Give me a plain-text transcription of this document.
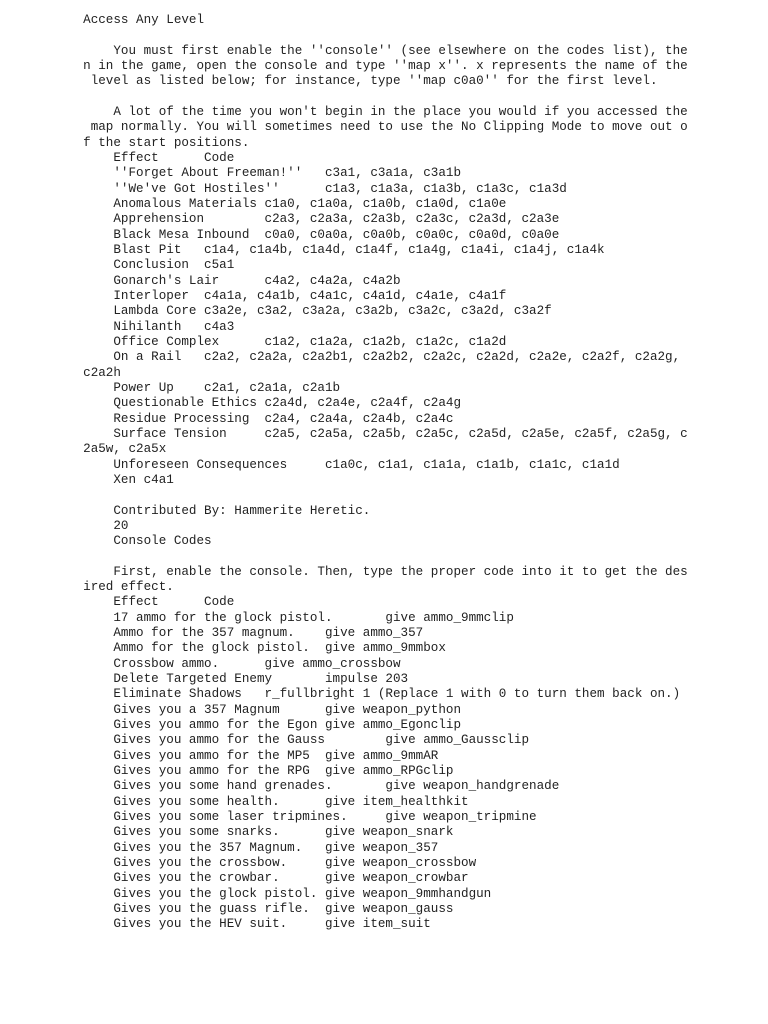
Access Any Level
You must first enable the ''console'' (see elsewhere on the codes list), the
n in the game, open the console and type ''map x''. x represents the name of the
level as listed below; for instance, type ''map c0a0'' for the first level.
A lot of the time you won't begin in the place you would if you accessed the
map normally. You will sometimes need to use the No Clipping Mode to move out o
f the start positions.
Effect      Code
''Forget About Freeman!''   c3a1, c3a1a, c3a1b
''We've Got Hostiles''      c1a3, c1a3a, c1a3b, c1a3c, c1a3d
Anomalous Materials c1a0, c1a0a, c1a0b, c1a0d, c1a0e
Apprehension        c2a3, c2a3a, c2a3b, c2a3c, c2a3d, c2a3e
Black Mesa Inbound  c0a0, c0a0a, c0a0b, c0a0c, c0a0d, c0a0e
Blast Pit   c1a4, c1a4b, c1a4d, c1a4f, c1a4g, c1a4i, c1a4j, c1a4k
Conclusion  c5a1
Gonarch's Lair      c4a2, c4a2a, c4a2b
Interloper  c4a1a, c4a1b, c4a1c, c4a1d, c4a1e, c4a1f
Lambda Core c3a2e, c3a2, c3a2a, c3a2b, c3a2c, c3a2d, c3a2f
Nihilanth   c4a3
Office Complex      c1a2, c1a2a, c1a2b, c1a2c, c1a2d
On a Rail   c2a2, c2a2a, c2a2b1, c2a2b2, c2a2c, c2a2d, c2a2e, c2a2f, c2a2g,
c2a2h
Power Up    c2a1, c2a1a, c2a1b
Questionable Ethics c2a4d, c2a4e, c2a4f, c2a4g
Residue Processing  c2a4, c2a4a, c2a4b, c2a4c
Surface Tension     c2a5, c2a5a, c2a5b, c2a5c, c2a5d, c2a5e, c2a5f, c2a5g, c
2a5w, c2a5x
Unforeseen Consequences     c1a0c, c1a1, c1a1a, c1a1b, c1a1c, c1a1d
Xen c4a1
Contributed By: Hammerite Heretic.
20
Console Codes
First, enable the console. Then, type the proper code into it to get the des
ired effect.
Effect      Code
17 ammo for the glock pistol.       give ammo_9mmclip
Ammo for the 357 magnum.    give ammo_357
Ammo for the glock pistol.  give ammo_9mmbox
Crossbow ammo.      give ammo_crossbow
Delete Targeted Enemy       impulse 203
Eliminate Shadows   r_fullbright 1 (Replace 1 with 0 to turn them back on.)
Gives you a 357 Magnum      give weapon_python
Gives you ammo for the Egon give ammo_Egonclip
Gives you ammo for the Gauss        give ammo_Gaussclip
Gives you ammo for the MP5  give ammo_9mmAR
Gives you ammo for the RPG  give ammo_RPGclip
Gives you some hand grenades.       give weapon_handgrenade
Gives you some health.      give item_healthkit
Gives you some laser tripmines.     give weapon_tripmine
Gives you some snarks.      give weapon_snark
Gives you the 357 Magnum.   give weapon_357
Gives you the crossbow.     give weapon_crossbow
Gives you the crowbar.      give weapon_crowbar
Gives you the glock pistol. give weapon_9mmhandgun
Gives you the guass rifle.  give weapon_gauss
Gives you the HEV suit.     give item_suit
